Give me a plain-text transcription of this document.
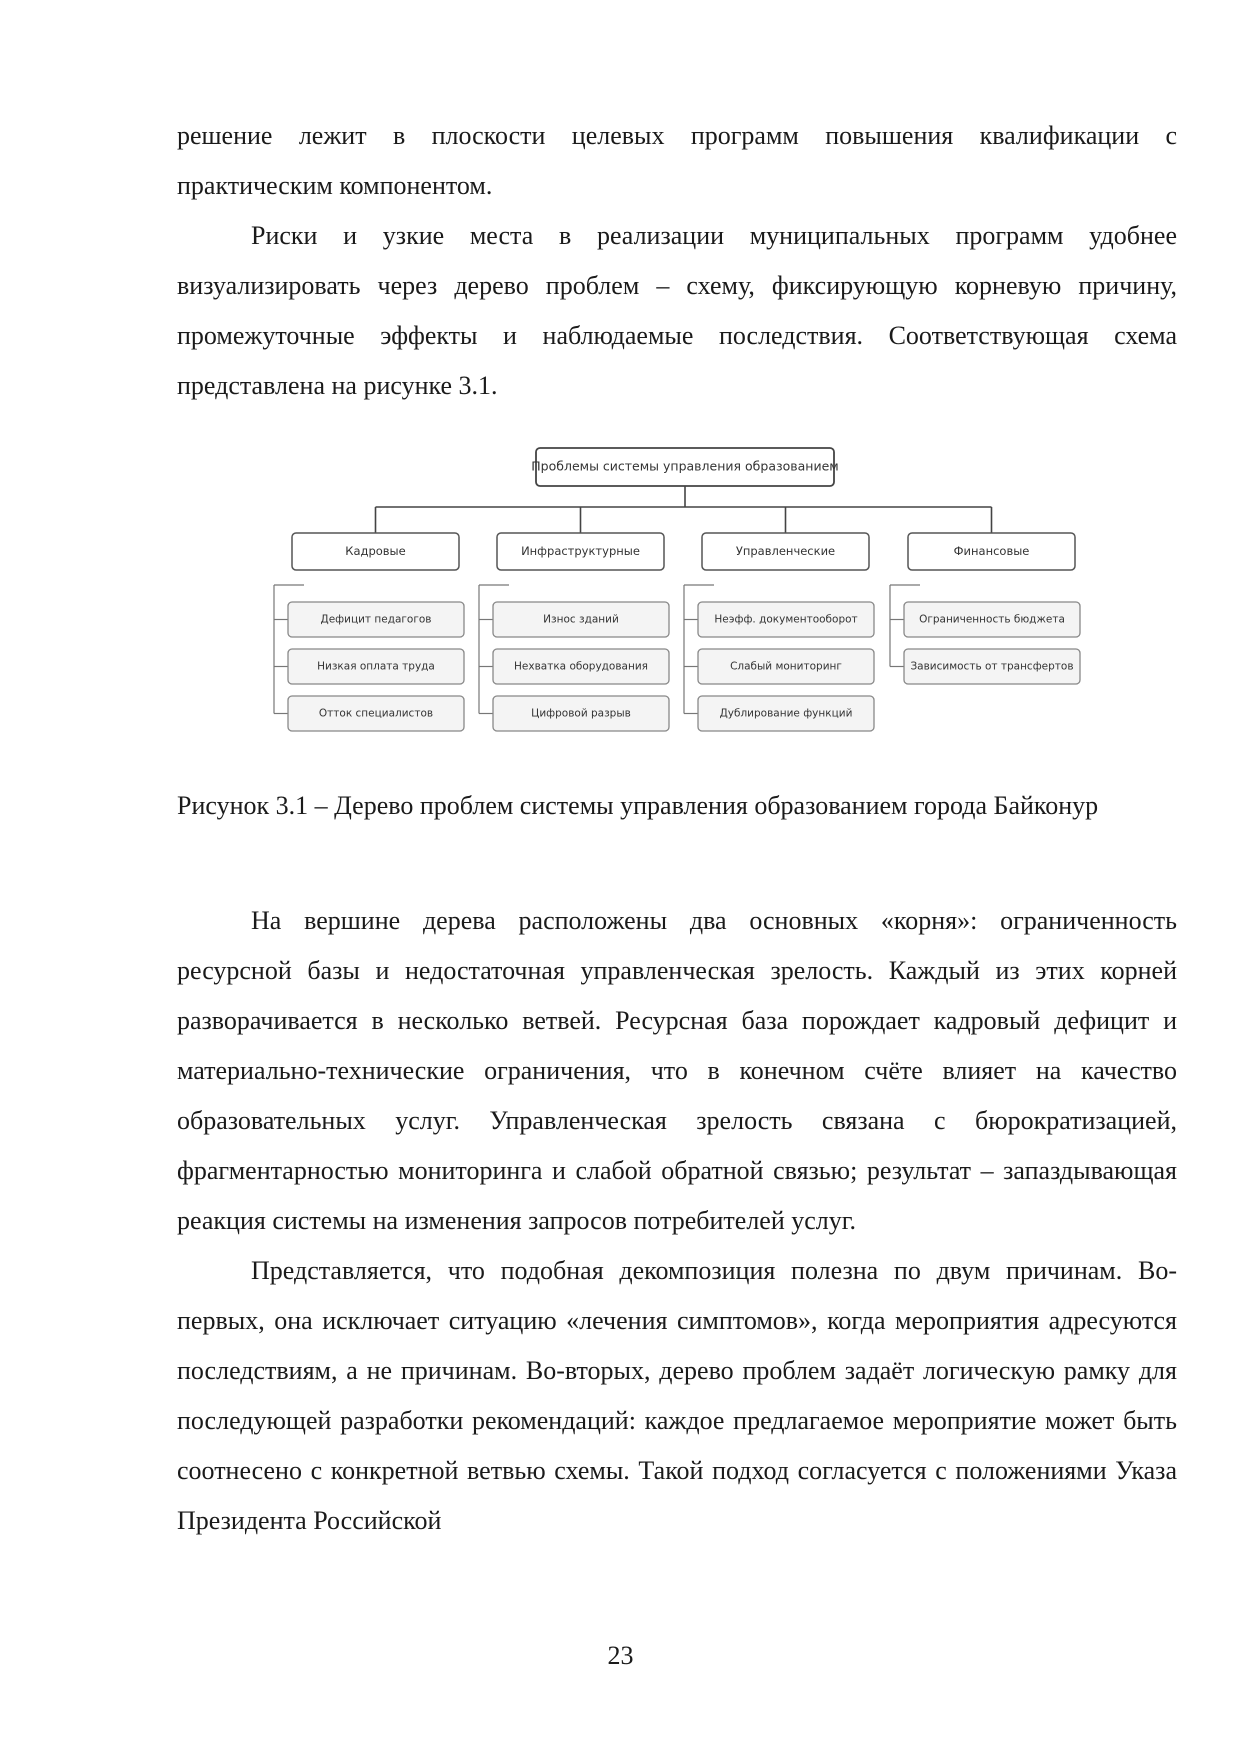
решение лежит в плоскости целевых программ повышения квалификации с практическим компонентом.

Риски и узкие места в реализации муниципальных программ удобнее визуализировать через дерево проблем – схему, фиксирующую корневую причину, промежуточные эффекты и наблюдаемые последствия. Соответствующая схема представлена на рисунке 3.1.

Проблемы системы управления образованием
Кадровые
Дефицит педагогов
Низкая оплата труда
Отток специалистов
Инфраструктурные
Износ зданий
Нехватка оборудования
Цифровой разрыв
Управленческие
Неэфф. документооборот
Слабый мониторинг
Дублирование функций
Финансовые
Ограниченность бюджета
Зависимость от трансфертов

Рисунок 3.1 – Дерево проблем системы управления образованием города Байконур

На вершине дерева расположены два основных «корня»: ограниченность ресурсной базы и недостаточная управленческая зрелость. Каждый из этих корней разворачивается в несколько ветвей. Ресурсная база порождает кадровый дефицит и материально-технические ограничения, что в конечном счёте влияет на качество образовательных услуг. Управленческая зрелость связана с бюрократизацией, фрагментарностью мониторинга и слабой обратной связью; результат – запаздывающая реакция системы на изменения запросов потребителей услуг.

Представляется, что подобная декомпозиция полезна по двум причинам. Во-первых, она исключает ситуацию «лечения симптомов», когда мероприятия адресуются последствиям, а не причинам. Во-вторых, дерево проблем задаёт логическую рамку для последующей разработки рекомендаций: каждое предлагаемое мероприятие может быть соотнесено с конкретной ветвью схемы. Такой подход согласуется с положениями Указа Президента Российской

23
